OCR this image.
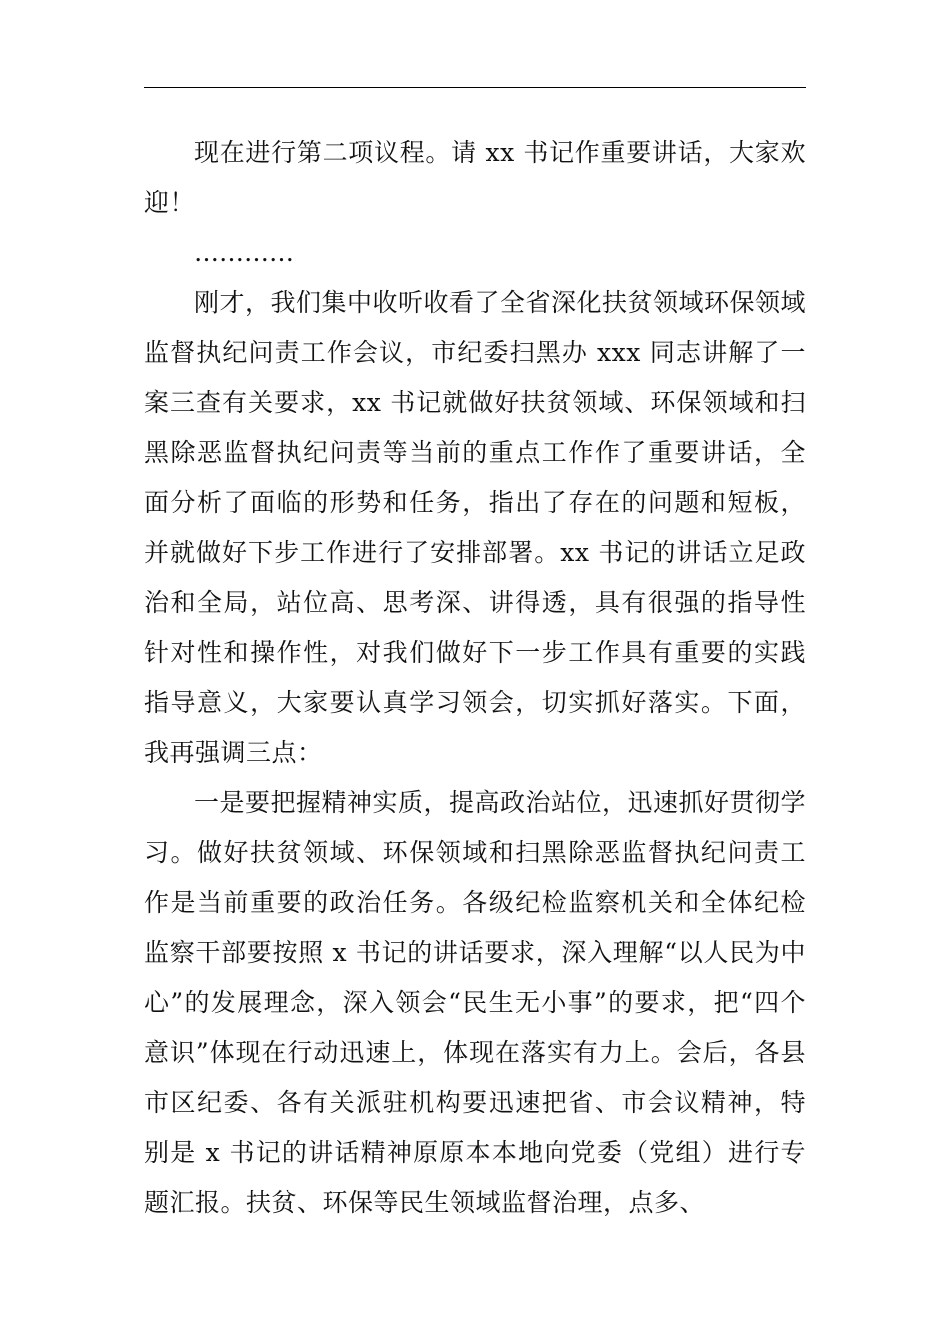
现在进行第二项议程。请 xx 书记作重要讲话，大家欢迎！

…………

刚才，我们集中收听收看了全省深化扶贫领域环保领域监督执纪问责工作会议，市纪委扫黑办 xxx 同志讲解了一案三查有关要求，xx 书记就做好扶贫领域、环保领域和扫黑除恶监督执纪问责等当前的重点工作作了重要讲话，全面分析了面临的形势和任务，指出了存在的问题和短板，并就做好下步工作进行了安排部署。xx 书记的讲话立足政治和全局，站位高、思考深、讲得透，具有很强的指导性针对性和操作性，对我们做好下一步工作具有重要的实践指导意义，大家要认真学习领会，切实抓好落实。下面，我再强调三点：

一是要把握精神实质，提高政治站位，迅速抓好贯彻学习。做好扶贫领域、环保领域和扫黑除恶监督执纪问责工作是当前重要的政治任务。各级纪检监察机关和全体纪检监察干部要按照 x 书记的讲话要求，深入理解“以人民为中心”的发展理念，深入领会“民生无小事”的要求，把“四个意识”体现在行动迅速上，体现在落实有力上。会后，各县市区纪委、各有关派驻机构要迅速把省、市会议精神，特别是 x 书记的讲话精神原原本本地向党委（党组）进行专题汇报。扶贫、环保等民生领域监督治理，点多、
